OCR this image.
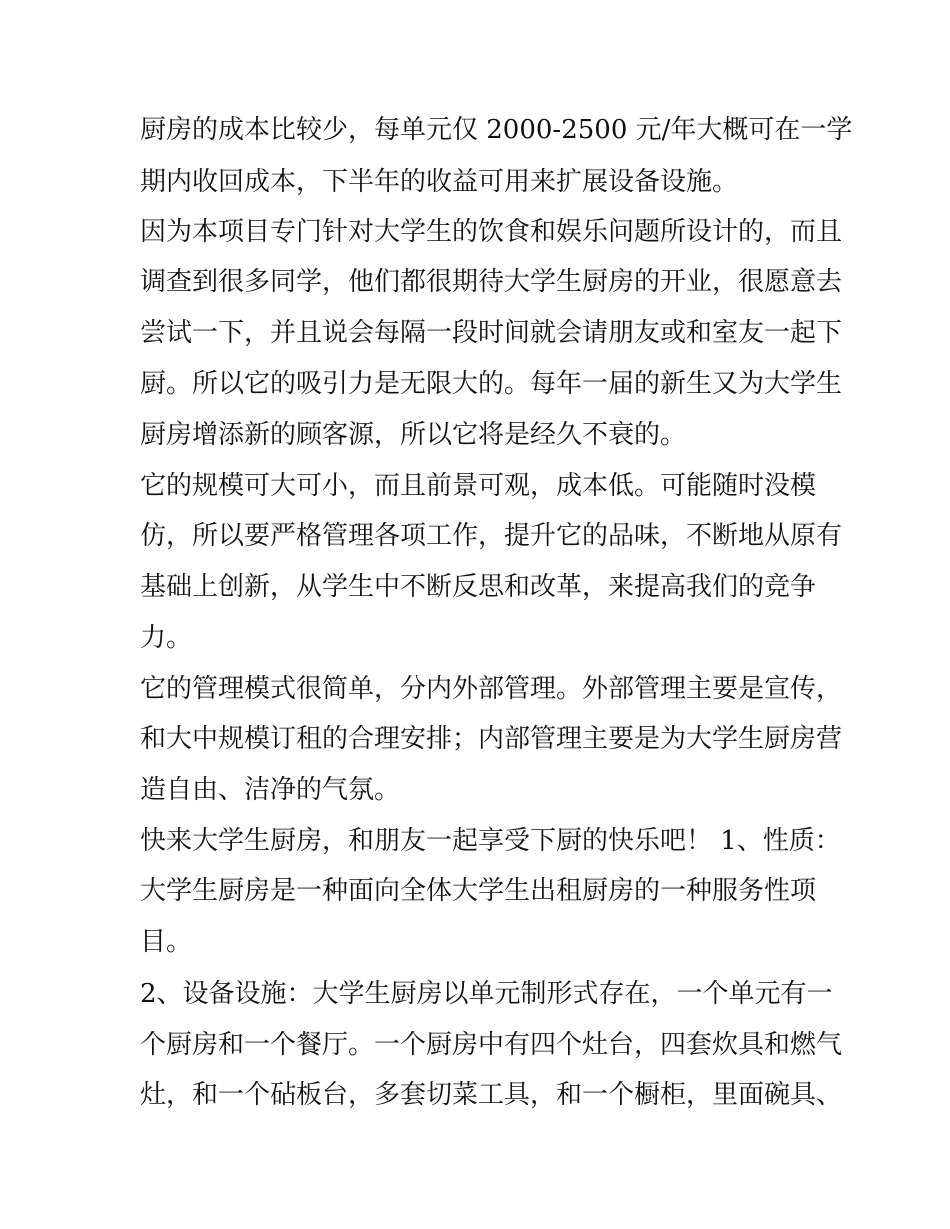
厨房的成本比较少，每单元仅 2000-2500 元/年大概可在一学
期内收回成本，下半年的收益可用来扩展设备设施。
因为本项目专门针对大学生的饮食和娱乐问题所设计的，而且
调查到很多同学，他们都很期待大学生厨房的开业，很愿意去
尝试一下，并且说会每隔一段时间就会请朋友或和室友一起下
厨。所以它的吸引力是无限大的。每年一届的新生又为大学生
厨房增添新的顾客源，所以它将是经久不衰的。
它的规模可大可小，而且前景可观，成本低。可能随时没模
仿，所以要严格管理各项工作，提升它的品味，不断地从原有
基础上创新，从学生中不断反思和改革，来提高我们的竞争
力。
它的管理模式很简单，分内外部管理。外部管理主要是宣传，
和大中规模订租的合理安排；内部管理主要是为大学生厨房营
造自由、洁净的气氛。
快来大学生厨房，和朋友一起享受下厨的快乐吧！ 1、性质：
大学生厨房是一种面向全体大学生出租厨房的一种服务性项
目。
2、设备设施：大学生厨房以单元制形式存在，一个单元有一
个厨房和一个餐厅。一个厨房中有四个灶台，四套炊具和燃气
灶，和一个砧板台，多套切菜工具，和一个橱柜，里面碗具、
